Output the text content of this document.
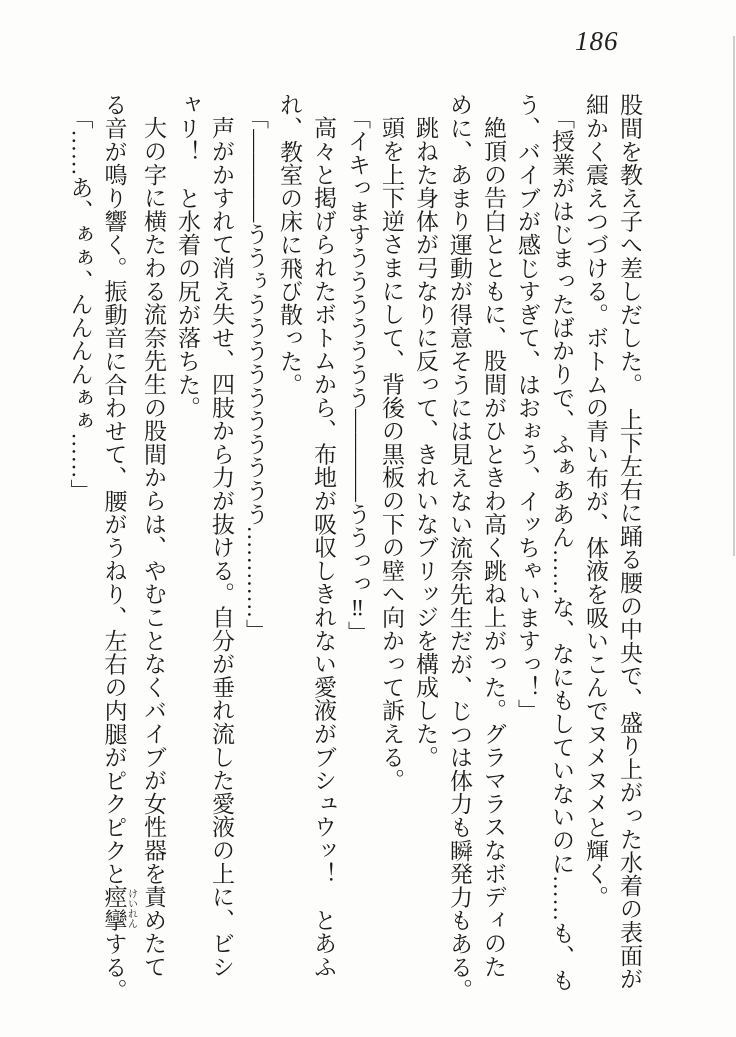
186

股間を教え子へ差しだした。　上下左右に踊る腰の中央で、盛り上がった水着の表面が

細かく震えつづける。ボトムの青い布が、体液を吸いこんでヌメヌメと輝く。

「授業がはじまったばかりで、ふぁああん……な、なにもしていないのに……も、も

う、バイブが感じすぎて、はおぉう、イッちゃいますっ！」

絶頂の告白とともに、股間がひときわ高く跳ね上がった。グラマラスなボディのた

めに、あまり運動が得意そうには見えない流奈先生だが、じつは体力も瞬発力もある。

跳ねた身体が弓なりに反って、きれいなブリッジを構成した。

頭を上下逆さまにして、背後の黒板の下の壁へ向かって訴える。

「イキっますううううううう――――ううっっ‼」

高々と掲げられたボトムから、布地が吸収しきれない愛液がブシュウッ！　とあふ

れ、教室の床に飛び散った。

「――――ううぅうううううううううう…………」

声がかすれて消え失せ、四肢から力が抜ける。自分が垂れ流した愛液の上に、ビシ

ャリ！　と水着の尻が落ちた。

大の字に横たわる流奈先生の股間からは、やむことなくバイブが女性器を責めたて

る音が鳴り響く。振動音に合わせて、腰がうねり、左右の内腿がピクピクと痙攣 けいれんする。

「……あ、ぁぁ、んんんんぁぁ……」
